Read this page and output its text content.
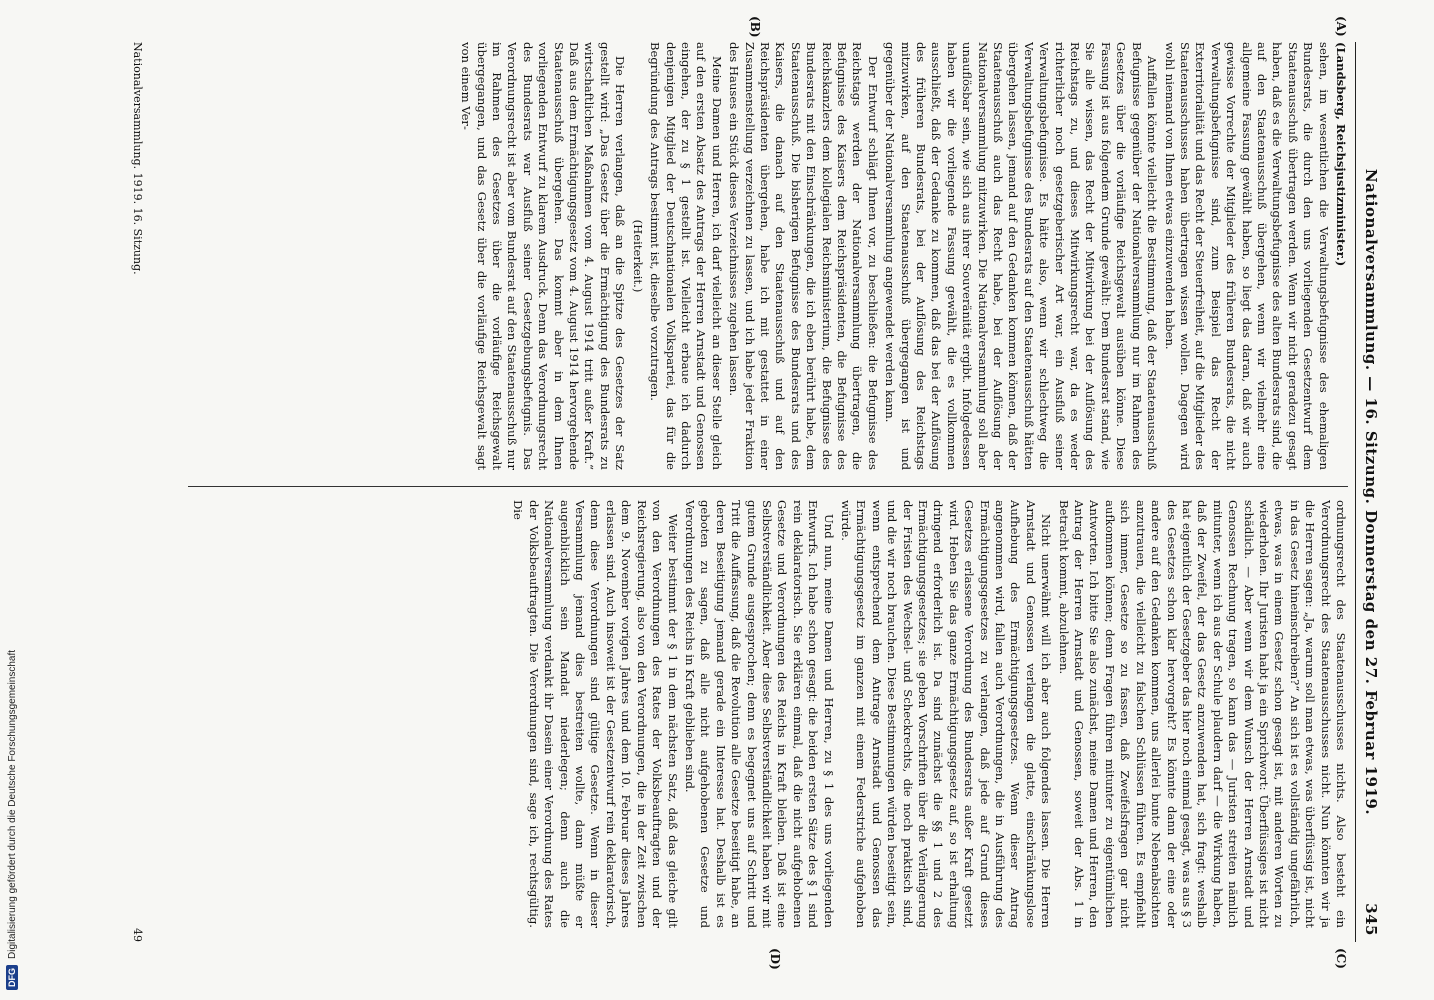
DFGDigitalisierung gefördert durch die Deutsche Forschungsgemeinschaft	Nationalversammlung. — 16. Sitzung. Donnerstag den 27. Februar 1919.
345
(A)
(B)
(C)
(D)

(Landsberg, Reichsjustizminister.)

sehen, im wesentlichen die Verwaltungsbefugnisse des ehemaligen Bundesrats, die durch den uns vorliegenden Gesetzentwurf dem Staatenausschuß übertragen werden. Wenn wir nicht geradezu gesagt haben, daß es die Verwaltungsbefugnisse des alten Bundesrats sind, die auf den Staatenausschuß übergehen, wenn wir vielmehr eine allgemeine Fassung gewählt haben, so liegt das daran, daß wir auch gewisse Vorrechte der Mitglieder des früheren Bundesrats, die nicht Verwaltungsbefugnisse sind, zum Beispiel das Recht der Exterritorialität und das Recht der Steuerfreiheit, auf die Mitglieder des Staatenausschusses haben übertragen wissen wollen. Dagegen wird wohl niemand von Ihnen etwas einzuwenden haben.

Auffallen könnte vielleicht die Bestimmung, daß der Staatenausschuß Befugnisse gegenüber der Nationalversammlung nur im Rahmen des Gesetzes über die vorläufige Reichsgewalt ausüben könne. Diese Fassung ist aus folgendem Grunde gewählt: Dem Bundesrat stand, wie Sie alle wissen, das Recht der Mitwirkung bei der Auflösung des Reichstags zu, und dieses Mitwirkungsrecht war, da es weder richterlicher noch gesetzgeberischer Art war, ein Ausfluß seiner Verwaltungsbefugnisse. Es hätte also, wenn wir schlechtweg die Verwaltungsbefugnisse des Bundesrats auf den Staatenausschuß hätten übergehen lassen, jemand auf den Gedanken kommen können, daß der Staatenausschuß auch das Recht habe, bei der Auflösung der Nationalversammlung mitzuwirken. Die Nationalversammlung soll aber unauflösbar sein, wie sich aus ihrer Souveränität ergibt. Infolgedessen haben wir die vorliegende Fassung gewählt, die es vollkommen ausschließt, daß der Gedanke zu kommen, daß das bei der Auflösung des früheren Bundesrats, bei der Auflösung des Reichstags mitzuwirken, auf den Staatenausschuß übergegangen ist und gegenüber der Nationalversammlung angewendet werden kann.

Der Entwurf schlägt Ihnen vor, zu beschließen: die Befugnisse des Reichstags werden der Nationalversammlung übertragen, die Befugnisse des Kaisers dem Reichspräsidenten, die Befugnisse des Reichskanzlers dem kollegialen Reichsministerium, die Befugnisse des Bundesrats mit den Einschränkungen, die ich eben berührt habe, dem Staatenausschuß. Die bisherigen Befugnisse des Bundesrats und des Kaisers, die danach auf den Staatenausschuß und auf den Reichspräsidenten übergehen, habe ich mit gestattet in einer Zusammenstellung verzeichnen zu lassen, und ich habe jeder Fraktion des Hauses ein Stück dieses Verzeichnisses zugehen lassen.

Meine Damen und Herren, ich darf vielleicht an dieser Stelle gleich auf den ersten Absatz des Antrags der Herren Arnstadt und Genossen eingehen, der zu § 1 gestellt ist. Vielleicht erbaue ich dadurch denjenigen Mitglied der Deutschnationalen Volkspartei, das für die Begründung des Antrags bestimmt ist, dieselbe vorzutragen.

(Heiterkeit.)

Die Herren verlangen, daß an die Spitze des Gesetzes der Satz gestellt wird: „Das Gesetz über die Ermächtigung des Bundesrats zu wirtschaftlichen Maßnahmen vom 4. August 1914 tritt außer Kraft.“ Daß aus dem Ermächtigungsgesetz vom 4. August 1914 hervorgehende Staatenausschuß übergehen. Das kommt aber in dem Ihnen vorliegenden Entwurf zu klarem Ausdruck. Denn das Verordnungsrecht des Bundesrats war Ausfluß seiner Gesetzgebungsbefugnis. Das Verordnungsrecht ist aber vom Bundesrat auf den Staatenausschuß nur im Rahmen des Gesetzes über die vorläufige Reichsgewalt übergegangen, und das Gesetz über die vorläufige Reichsgewalt sagt von einem Ver-

ordnungsrecht des Staatenausschusses nichts. Also besteht ein Verordnungsrecht des Staatenausschusses nicht. Nun könnten wir ja die Herren sagen: „Ja, warum soll man etwas, was überflüssig ist, nicht in das Gesetz hineinschreiben?“ An sich ist es vollständig ungefährlich, etwas, was in einem Gesetz schon gesagt ist, mit anderen Worten zu wiederholen. Ihr Juristen habt ja ein Sprichwort: Überflüssiges ist nicht schädlich. — Aber wenn wir dem Wunsch der Herren Arnstadt und Genossen Rechnung tragen, so kann das — Juristen streiten nämlich mitunter, wenn ich aus der Schule plaudern darf — die Wirkung haben, daß der Zweifel, der das Gesetz anzuwenden hat, sich fragt: weshalb hat eigentlich der Gesetzgeber das hier noch einmal gesagt, was aus § 3 des Gesetzes schon klar hervorgeht? Es könnte dann der eine oder andere auf den Gedanken kommen, uns allerlei bunte Nebenabsichten anzutrauen, die vielleicht zu falschen Schlüssen führen. Es empfiehlt sich immer, Gesetze so zu fassen, daß Zweifelsfragen gar nicht aufkommen können; denn Fragen führen mitunter zu eigentümlichen Antworten. Ich bitte Sie also zunächst, meine Damen und Herren, den Antrag der Herren Arnstadt und Genossen, soweit der Abs. 1 in Betracht kommt, abzulehnen.

Nicht unerwähnt will ich aber auch folgendes lassen. Die Herren Arnstadt und Genossen verlangen die glatte, einschränkungslose Aufhebung des Ermächtigungsgesetzes. Wenn dieser Antrag angenommen wird, fallen auch Verordnungen, die in Ausführung des Ermächtigungsgesetzes zu verlangen, daß jede auf Grund dieses Gesetzes erlassene Verordnung des Bundesrats außer Kraft gesetzt wird. Heben Sie das ganze Ermächtigungsgesetz auf, so ist erhaltung dringend erforderlich ist. Da sind zunächst die §§ 1 und 2 des Ermächtigungsgesetzes; sie geben Vorschriften über die Verlängerung der Fristen des Wechsel- und Scheckrechts, die noch praktisch sind, und die wir noch brauchen. Diese Bestimmungen würden beseitigt sein, wenn entsprechend dem Antrage Arnstadt und Genossen das Ermächtigungsgesetz im ganzen mit einem Federstriche aufgehoben würde.

Und nun, meine Damen und Herren, zu § 1 des uns vorliegenden Entwurfs. Ich habe schon gesagt: die beiden ersten Sätze des § 1 sind rein deklaratorisch. Sie erklären einmal, daß die nicht aufgehobenen Gesetze und Verordnungen des Reichs in Kraft bleiben. Daß ist eine Selbstverständlichkeit. Aber diese Selbstverständlichkeit haben wir mit gutem Grunde ausgesprochen; denn es begegnet uns auf Schritt und Tritt die Auffassung, daß die Revolution alle Gesetze beseitigt habe, an deren Beseitigung jemand gerade ein Interesse hat. Deshalb ist es geboten zu sagen, daß alle nicht aufgehobenen Gesetze und Verordnungen des Reichs in Kraft geblieben sind.

Weiter bestimmt der § 1 in dem nächsten Satz, daß das gleiche gilt von den Verordnungen des Rates der Volksbeauftragten und der Reichsregierung, also von den Verordnungen, die in der Zeit zwischen dem 9. November vorigen Jahres und dem 10. Februar dieses Jahres erlassen sind. Auch insoweit ist der Gesetzentwurf rein deklaratorisch, denn diese Verordnungen sind gültige Gesetze. Wenn in dieser Versammlung jemand dies bestreiten wollte, dann müßte er augenblicklich sein Mandat niederlegen; denn auch die Nationalversammlung verdankt ihr Dasein einer Verordnung des Rates der Volksbeauftragten. Die Verordnungen sind, sage ich, rechtsgültig. Die

Nationalversammlung. 1919. 16. Sitzung.
49
